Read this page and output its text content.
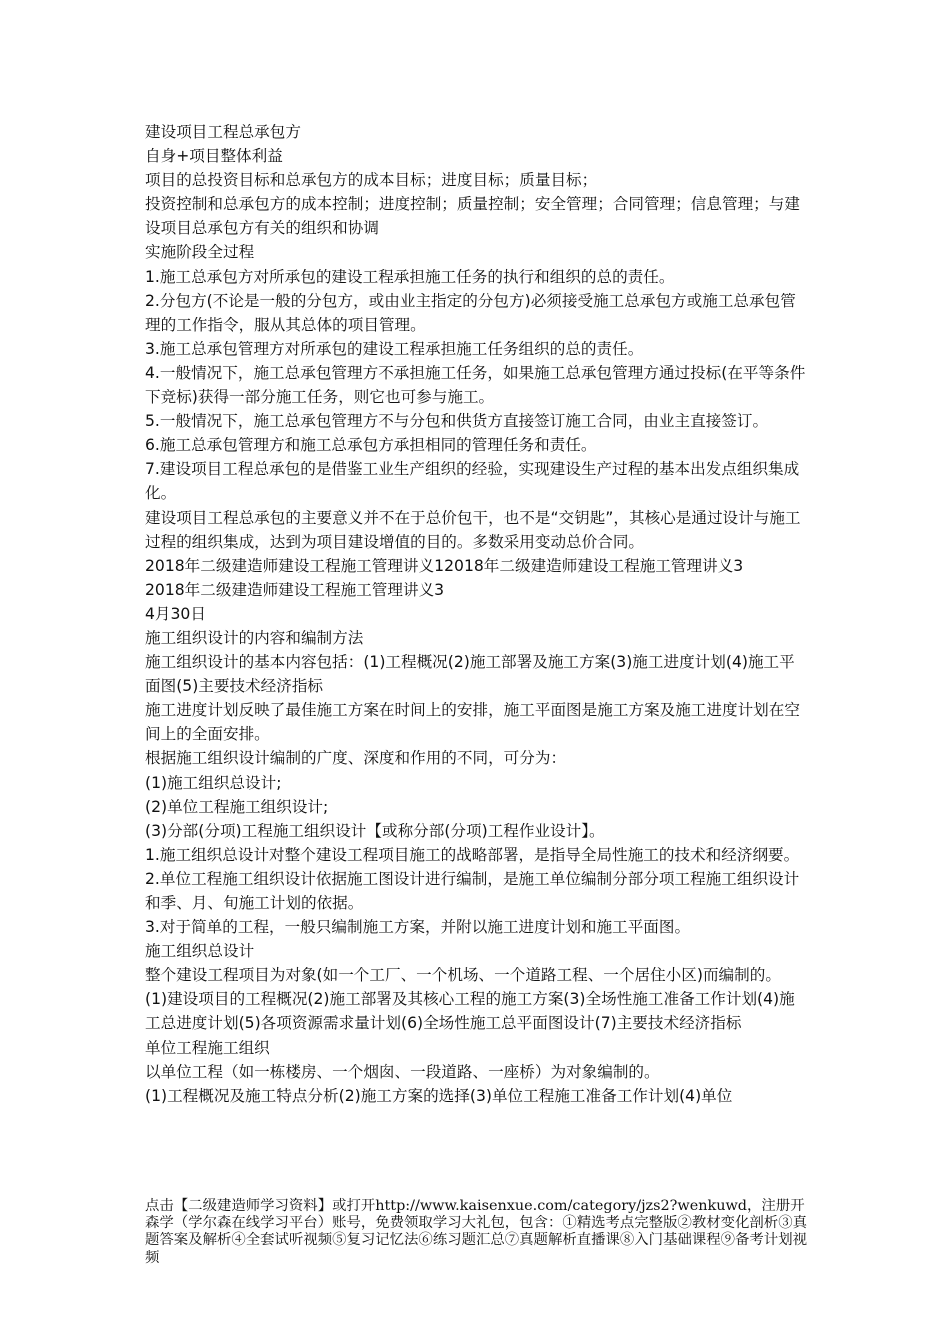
建设项目工程总承包方

自身+项目整体利益

项目的总投资目标和总承包方的成本目标；进度目标；质量目标；

投资控制和总承包方的成本控制；进度控制；质量控制；安全管理；合同管理；信息管理；与建设项目总承包方有关的组织和协调

实施阶段全过程

1.施工总承包方对所承包的建设工程承担施工任务的执行和组织的总的责任。

2.分包方(不论是一般的分包方，或由业主指定的分包方)必须接受施工总承包方或施工总承包管理的工作指令，服从其总体的项目管理。

3.施工总承包管理方对所承包的建设工程承担施工任务组织的总的责任。

4.一般情况下，施工总承包管理方不承担施工任务，如果施工总承包管理方通过投标(在平等条件下竞标)获得一部分施工任务，则它也可参与施工。

5.一般情况下，施工总承包管理方不与分包和供货方直接签订施工合同，由业主直接签订。

6.施工总承包管理方和施工总承包方承担相同的管理任务和责任。

7.建设项目工程总承包的是借鉴工业生产组织的经验，实现建设生产过程的基本出发点组织集成化。

建设项目工程总承包的主要意义并不在于总价包干，也不是“交钥匙”，其核心是通过设计与施工过程的组织集成，达到为项目建设增值的目的。多数采用变动总价合同。

2018年二级建造师建设工程施工管理讲义12018年二级建造师建设工程施工管理讲义3

2018年二级建造师建设工程施工管理讲义3

4月30日

施工组织设计的内容和编制方法

施工组织设计的基本内容包括：(1)工程概况(2)施工部署及施工方案(3)施工进度计划(4)施工平面图(5)主要技术经济指标

施工进度计划反映了最佳施工方案在时间上的安排，施工平面图是施工方案及施工进度计划在空间上的全面安排。

根据施工组织设计编制的广度、深度和作用的不同，可分为：

(1)施工组织总设计;

(2)单位工程施工组织设计;

(3)分部(分项)工程施工组织设计【或称分部(分项)工程作业设计】。

1.施工组织总设计对整个建设工程项目施工的战略部署，是指导全局性施工的技术和经济纲要。

2.单位工程施工组织设计依据施工图设计进行编制，是施工单位编制分部分项工程施工组织设计和季、月、旬施工计划的依据。

3.对于简单的工程，一般只编制施工方案，并附以施工进度计划和施工平面图。

施工组织总设计

整个建设工程项目为对象(如一个工厂、一个机场、一个道路工程、一个居住小区)而编制的。

(1)建设项目的工程概况(2)施工部署及其核心工程的施工方案(3)全场性施工准备工作计划(4)施工总进度计划(5)各项资源需求量计划(6)全场性施工总平面图设计(7)主要技术经济指标

单位工程施工组织

以单位工程（如一栋楼房、一个烟囱、一段道路、一座桥）为对象编制的。

(1)工程概况及施工特点分析(2)施工方案的选择(3)单位工程施工准备工作计划(4)单位

点击【二级建造师学习资料】或打开http://www.kaisenxue.com/category/jzs2?wenkuwd，注册开森学（学尔森在线学习平台）账号，免费领取学习大礼包，包含：①精选考点完整版②教材变化剖析③真题答案及解析④全套试听视频⑤复习记忆法⑥练习题汇总⑦真题解析直播课⑧入门基础课程⑨备考计划视频
